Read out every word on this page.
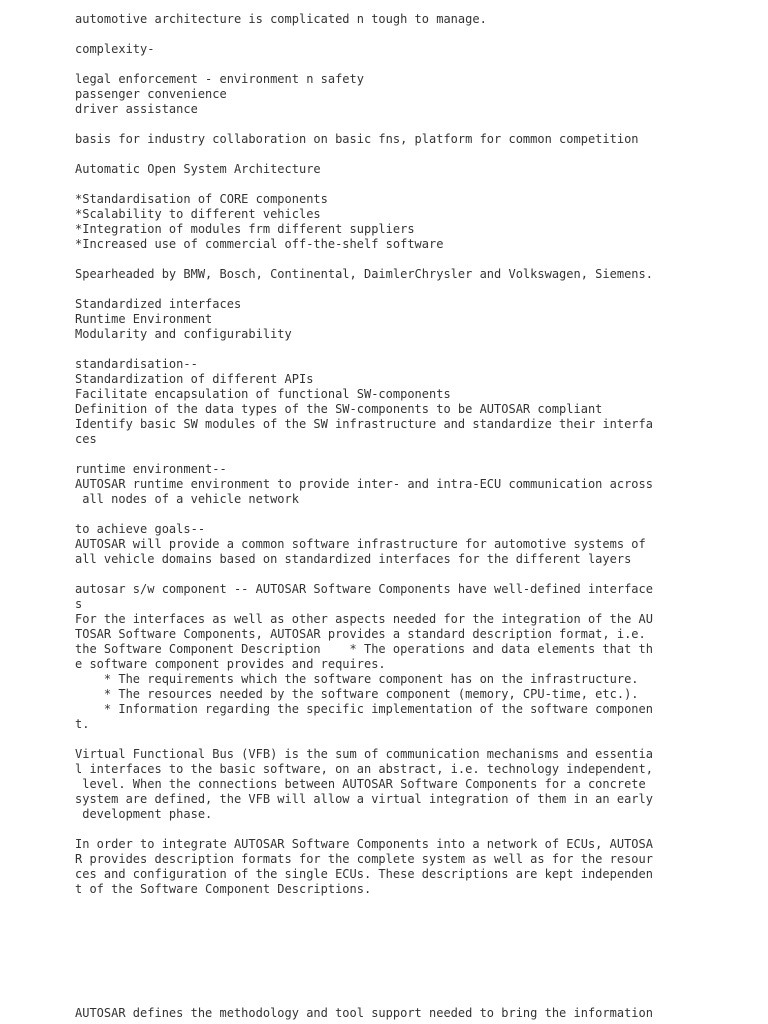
automotive architecture is complicated n tough to manage.
complexity-
legal enforcement - environment n safety
passenger convenience
driver assistance
basis for industry collaboration on basic fns, platform for common competition
Automatic Open System Architecture
*Standardisation of CORE components
*Scalability to different vehicles
*Integration of modules frm different suppliers
*Increased use of commercial off-the-shelf software
Spearheaded by BMW, Bosch, Continental, DaimlerChrysler and Volkswagen, Siemens.
Standardized interfaces
Runtime Environment
Modularity and configurability
standardisation--
Standardization of different APIs
Facilitate encapsulation of functional SW-components
Definition of the data types of the SW-components to be AUTOSAR compliant
Identify basic SW modules of the SW infrastructure and standardize their interfa
ces
runtime environment--
AUTOSAR runtime environment to provide inter- and intra-ECU communication across
all nodes of a vehicle network
to achieve goals--
AUTOSAR will provide a common software infrastructure for automotive systems of
all vehicle domains based on standardized interfaces for the different layers
autosar s/w component -- AUTOSAR Software Components have well-defined interface
s
For the interfaces as well as other aspects needed for the integration of the AU
TOSAR Software Components, AUTOSAR provides a standard description format, i.e.
the Software Component Description    * The operations and data elements that th
e software component provides and requires.
* The requirements which the software component has on the infrastructure.
* The resources needed by the software component (memory, CPU-time, etc.).
* Information regarding the specific implementation of the software componen
t.
Virtual Functional Bus (VFB) is the sum of communication mechanisms and essentia
l interfaces to the basic software, on an abstract, i.e. technology independent,
level. When the connections between AUTOSAR Software Components for a concrete
system are defined, the VFB will allow a virtual integration of them in an early
development phase.
In order to integrate AUTOSAR Software Components into a network of ECUs, AUTOSA
R provides description formats for the complete system as well as for the resour
ces and configuration of the single ECUs. These descriptions are kept independen
t of the Software Component Descriptions.
AUTOSAR defines the methodology and tool support needed to bring the information
